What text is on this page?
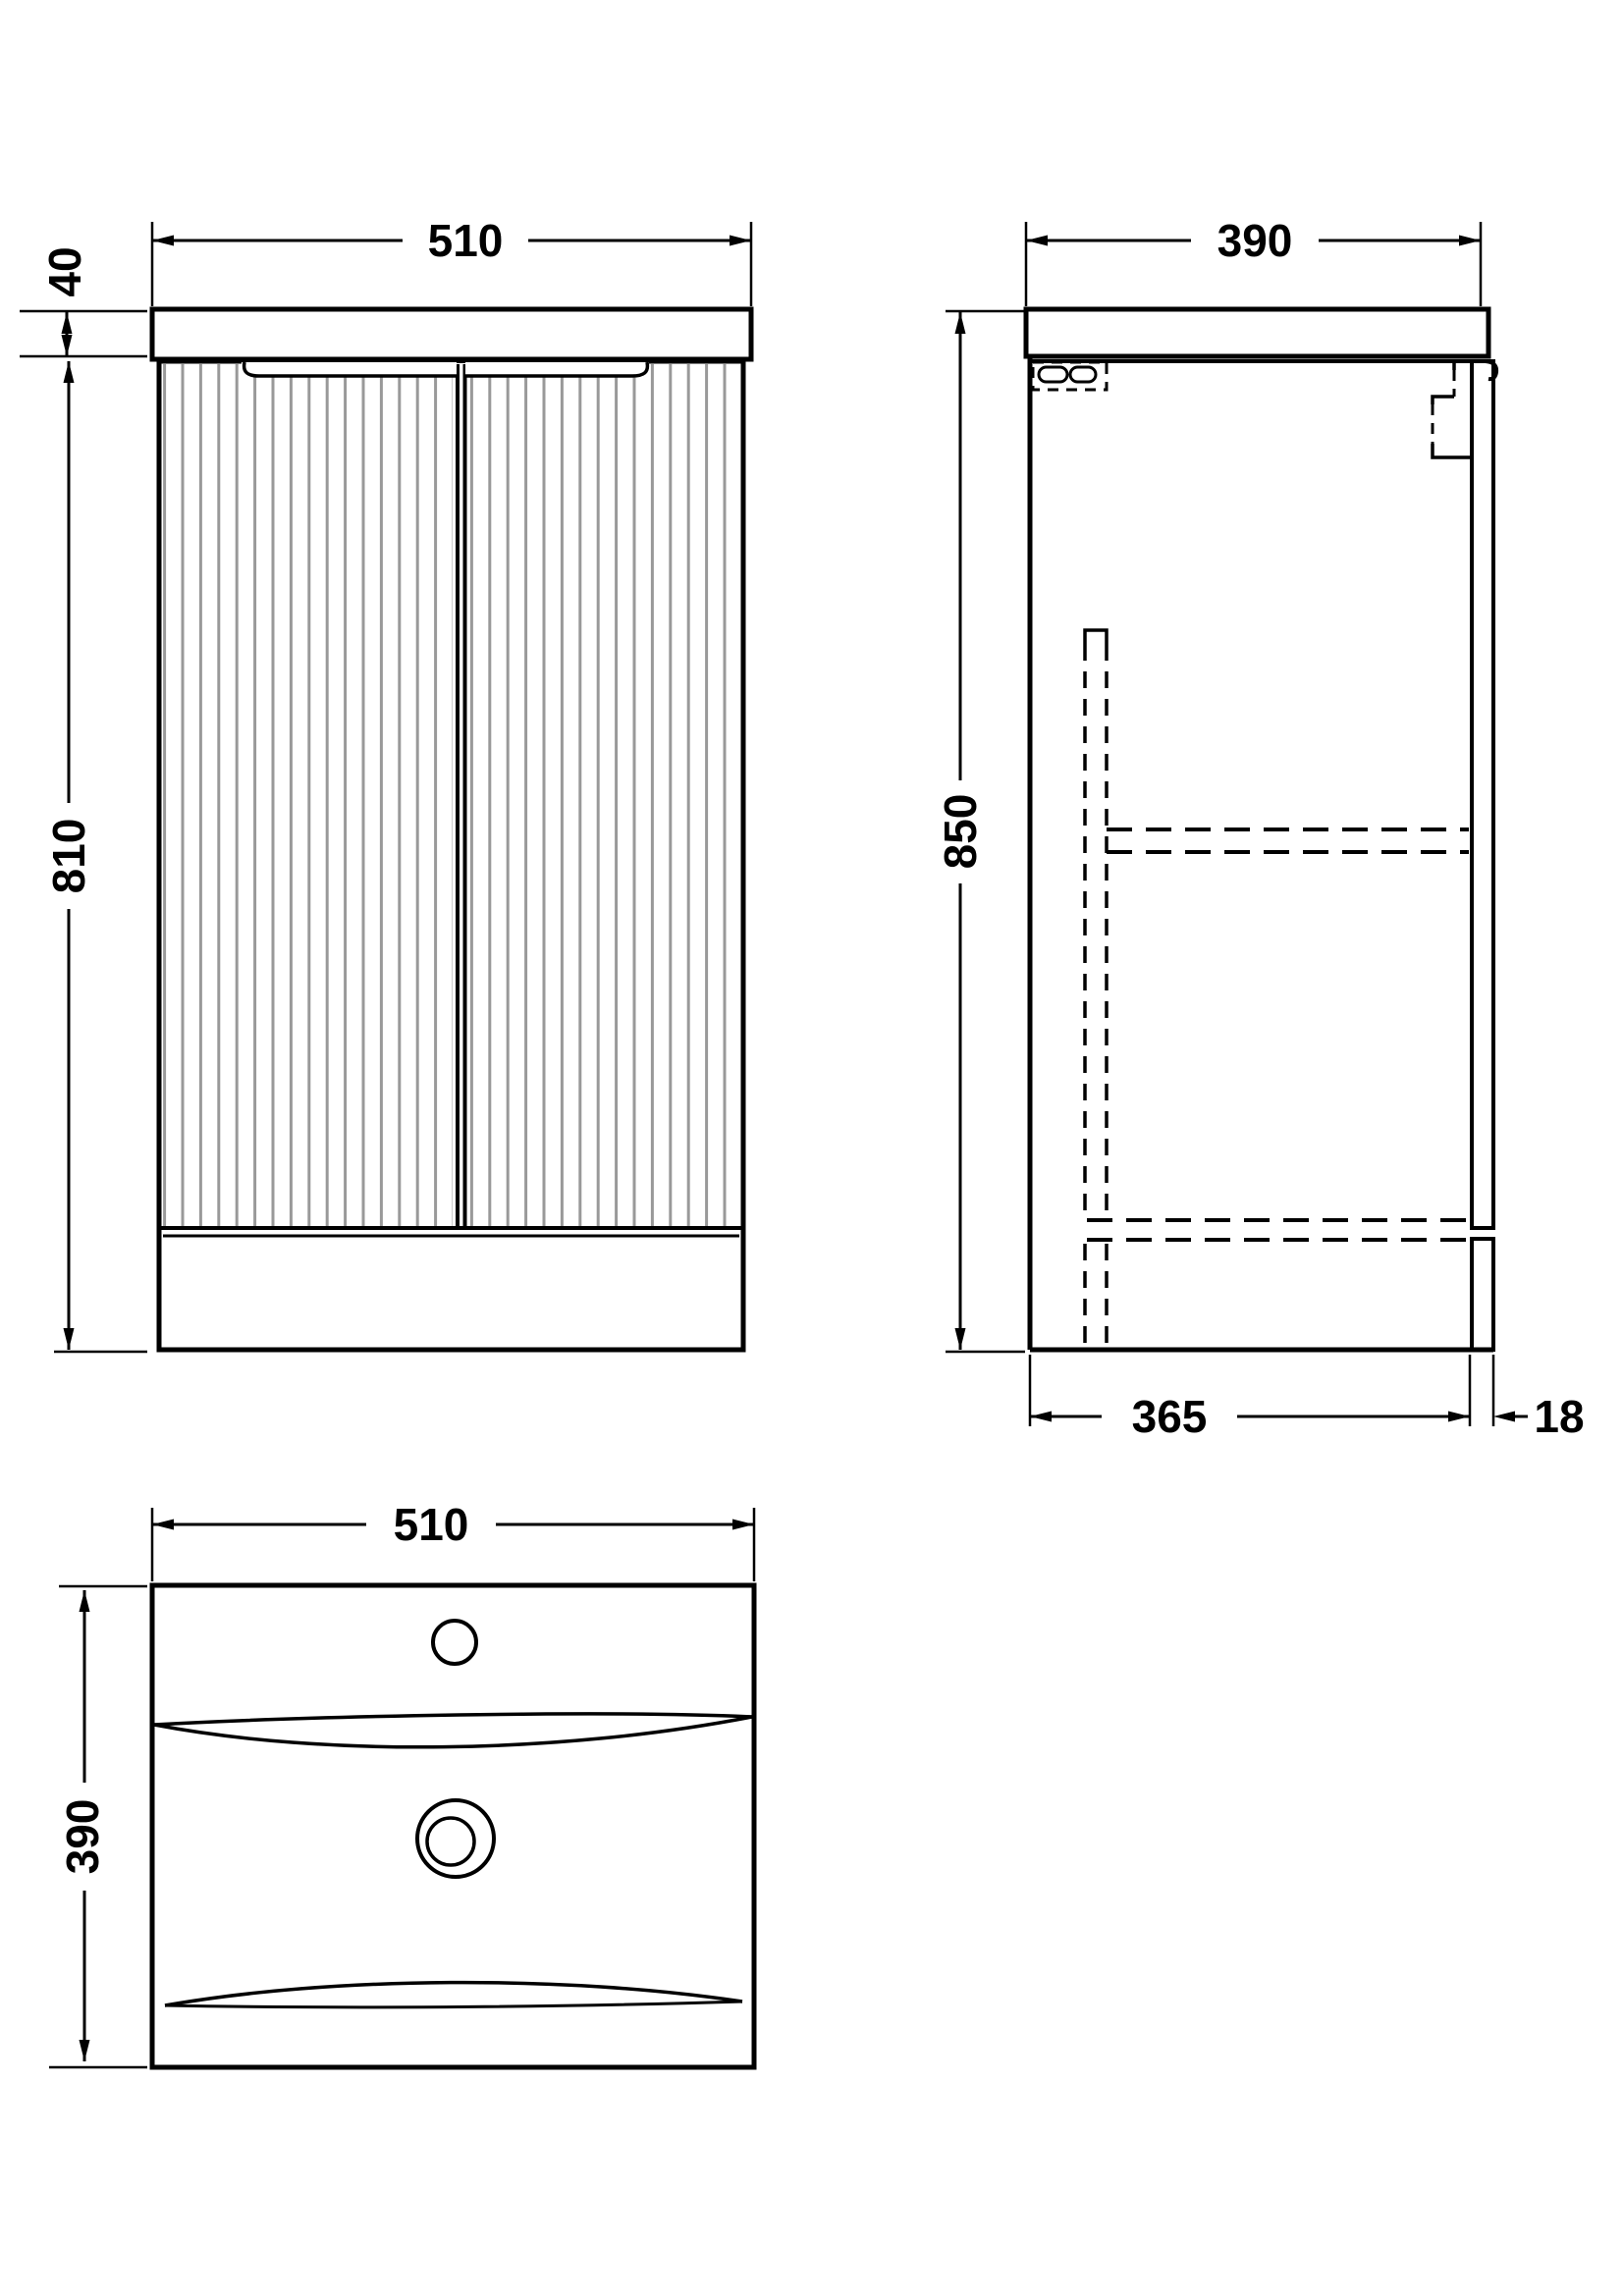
510
40
810
390
850
365	18
510
390
